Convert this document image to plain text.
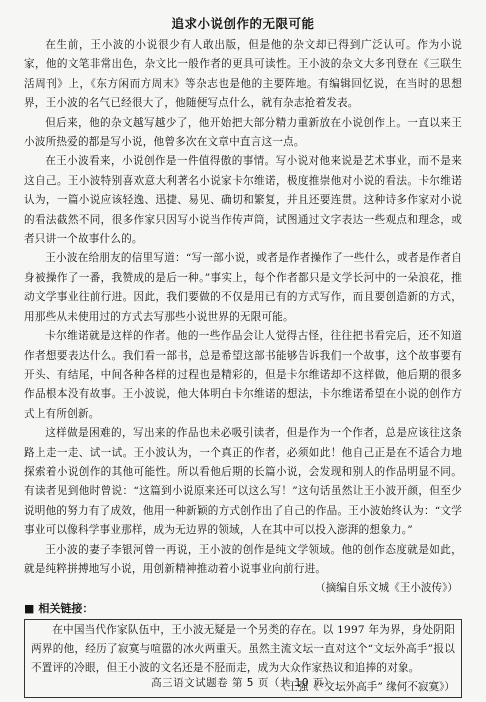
追求小说创作的无限可能

在生前，王小波的小说很少有人敢出版，但是他的杂文却已得到广泛认可。作为小说家，他的文笔非常出色，杂文比一般作者的更具可读性。王小波的杂文大多刊登在《三联生活周刊》上，《东方闲而方周末》等杂志也是他的主要阵地。有编辑回忆说，在当时的思想界，王小波的名气已经很大了，他随便写点什么，就有杂志抢着发表。

但后来，他的杂文越写越少了，他开始把大部分精力重新放在小说创作上。一直以来王小波所热爱的都是写小说，他曾多次在文章中直言这一点。

在王小波看来，小说创作是一件值得傲的事情。写小说对他来说是艺术事业，而不是来这自己。王小波特别喜欢意大利著名小说家卡尔维诺，极度推崇他对小说的看法。卡尔维诺认为，一篇小说应该轻逸、迅捷、易见、确切和繁复，并且还要连贯。这种诗多作家对小说的看法截然不同，很多作家只因写小说当作传声筒，试图通过文字表达一些观点和理念，或者只讲一个故事什么的。

王小波在给朋友的信里写道：“写一部小说，或者是作者操作了一些什么，或者是作者自身被操作了一番，我赞成的是后一种。”事实上，每个作者都只是文学长河中的一朵浪花，推动文学事业往前行进。因此，我们要做的不仅是用已有的方式写作，而且要创造新的方式，用那些从未使用过的方式去写那些小说世界的无限可能。

卡尔维诺就是这样的作者。他的一些作品会让人觉得古怪，往往把书看完后，还不知道作者想要表达什么。我们看一部书，总是希望这部书能够告诉我们一个故事，这个故事要有开头、有结尾，中间各种各样的过程也是精彩的，但是卡尔维诺却不这样做，他后期的很多作品根本没有故事。王小波说，他大体明白卡尔维诺的想法，卡尔维诺希望在小说的创作方式上有所创新。

这样做是困难的，写出来的作品也未必吸引读者，但是作为一个作者，总是应该往这条路上走一走、试一试。王小波认为，一个真正的作者，必须如此！他自己正是在不适合力地探索着小说创作的其他可能性。所以看他后期的长篇小说，会发现和别人的作品明显不同。有读者见到他时曾说：“这篇到小说原来还可以这么写！”这句话虽然让王小波开颜，但至少说明他的努力有了成效，他用一种新颖的方式创作出了自己的作品。王小波始终认为：“文学事业可以像科学事业那样，成为无边界的领域，人在其中可以投入澎湃的想象力。”

王小波的妻子李银河曾一再说，王小波的创作是纯文学领域。他的创作态度就是如此，就是纯粹拼搏地写小说，用创新精神推动着小说事业向前行进。

（摘编自乐文城《王小波传》）

■ 相关链接：

在中国当代作家队伍中，王小波无疑是一个另类的存在。以 1997 年为界，身处阴阳两界的他，经历了寂寞与喧嚣的冰火两重天。虽然主流文坛一直对这个“文坛外高手”报以不置评的冷眼，但王小波的文名还是不胫而走，成为大众作家热议和追捧的对象。

（王强《“文坛外高手” 缘何不寂寞》）

高三语文试题卷 第 5 页（共 10 页）
